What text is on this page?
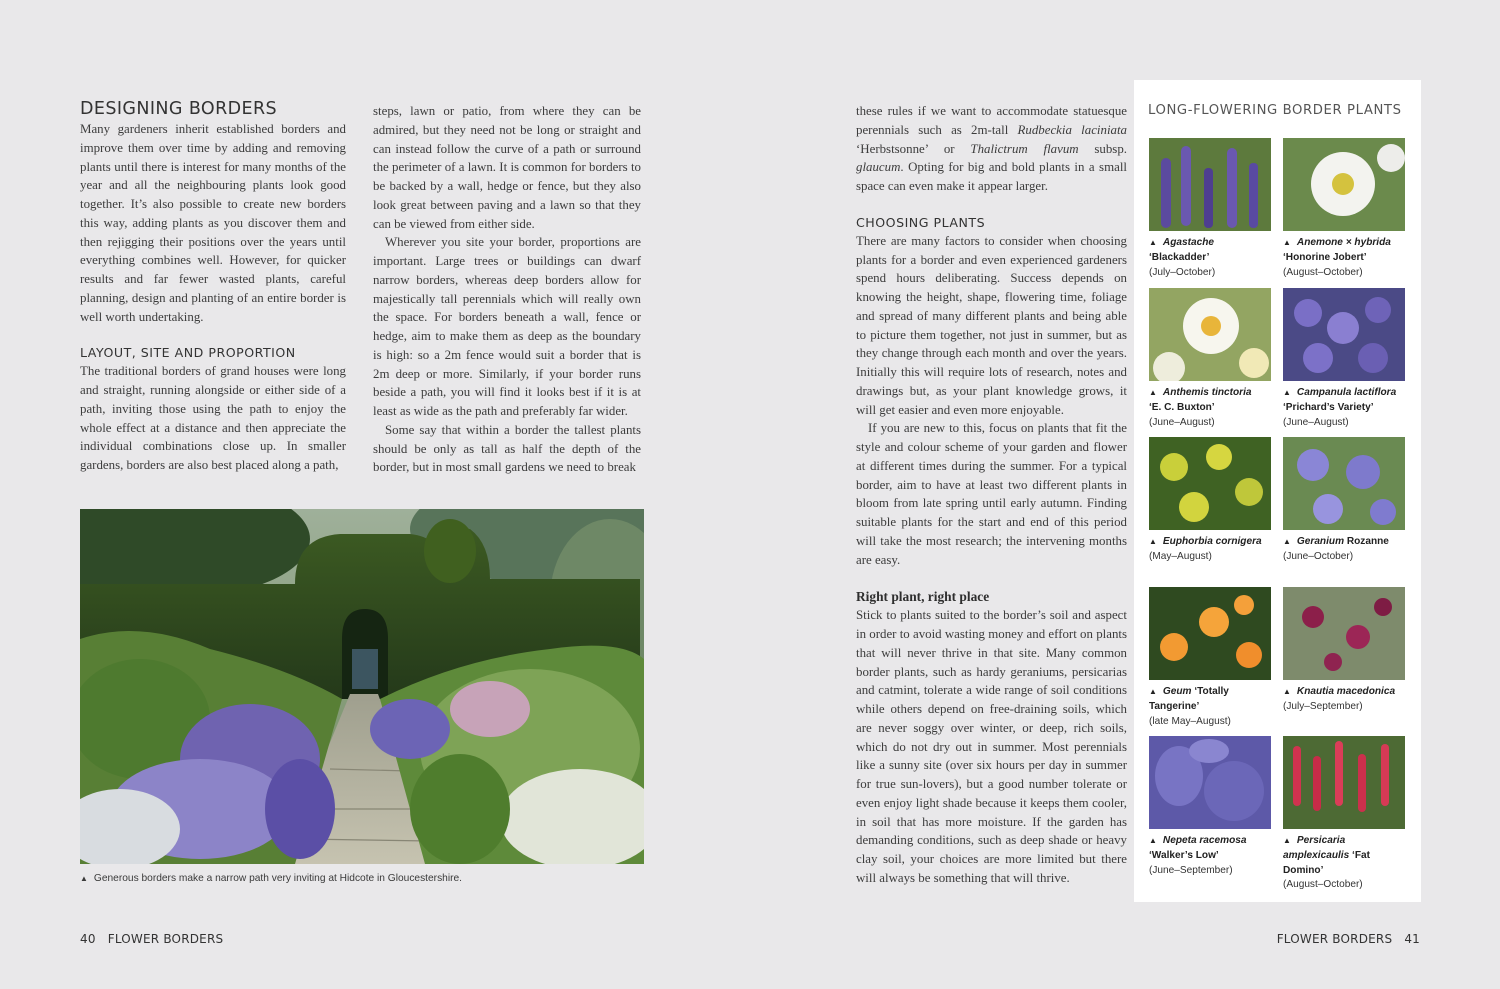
DESIGNING BORDERS

Many gardeners inherit established borders and improve them over time by adding and removing plants until there is interest for many months of the year and all the neighbouring plants look good together. It’s also possible to create new borders this way, adding plants as you discover them and then rejigging their positions over the years until everything combines well. However, for quicker results and far fewer wasted plants, careful planning, design and planting of an entire border is well worth undertaking.

LAYOUT, SITE AND PROPORTION

The traditional borders of grand houses were long and straight, running alongside or either side of a path, inviting those using the path to enjoy the whole effect at a distance and then appreciate the individual combinations close up. In smaller gardens, borders are also best placed along a path,

steps, lawn or patio, from where they can be admired, but they need not be long or straight and can instead follow the curve of a path or surround the perimeter of a lawn. It is common for borders to be backed by a wall, hedge or fence, but they also look great between paving and a lawn so that they can be viewed from either side.

Wherever you site your border, proportions are important. Large trees or buildings can dwarf narrow borders, whereas deep borders allow for majestically tall perennials which will really own the space. For borders beneath a wall, fence or hedge, aim to make them as deep as the boundary is high: so a 2m fence would suit a border that is 2m deep or more. Similarly, if your border runs beside a path, you will find it looks best if it is at least as wide as the path and preferably far wider.

Some say that within a border the tallest plants should be only as tall as half the depth of the border, but in most small gardens we need to break

▲ Generous borders make a narrow path very inviting at Hidcote in Gloucestershire.
40 FLOWER BORDERS

these rules if we want to accommodate statuesque perennials such as 2m-tall Rudbeckia laciniata ‘Herbstsonne’ or Thalictrum flavum subsp. glaucum. Opting for big and bold plants in a small space can even make it appear larger.

CHOOSING PLANTS

There are many factors to consider when choosing plants for a border and even experienced gardeners spend hours deliberating. Success depends on knowing the height, shape, flowering time, foliage and spread of many different plants and being able to picture them together, not just in summer, but as they change through each month and over the years. Initially this will require lots of research, notes and drawings but, as your plant knowledge grows, it will get easier and even more enjoyable.

If you are new to this, focus on plants that fit the style and colour scheme of your garden and flower at different times during the summer. For a typical border, aim to have at least two different plants in bloom from late spring until early autumn. Finding suitable plants for the start and end of this period will take the most research; the intervening months are easy.

Right plant, right place

Stick to plants suited to the border’s soil and aspect in order to avoid wasting money and effort on plants that will never thrive in that site. Many common border plants, such as hardy geraniums, persicarias and catmint, tolerate a wide range of soil conditions while others depend on free-draining soils, which are never soggy over winter, or deep, rich soils, which do not dry out in summer. Most perennials like a sunny site (over six hours per day in summer for true sun-lovers), but a good number tolerate or even enjoy light shade because it keeps them cooler, in soil that has more moisture. If the garden has demanding conditions, such as deep shade or heavy clay soil, your choices are more limited but there will always be something that will thrive.

LONG-FLOWERING BORDER PLANTS
▲ Agastache
‘Blackadder’
(July–October)
▲ Anemone × hybrida
‘Honorine Jobert’
(August–October)
▲ Anthemis tinctoria
‘E. C. Buxton’
(June–August)
▲ Campanula lactiflora
‘Prichard’s Variety’
(June–August)
▲ Euphorbia cornigera
(May–August)
▲ Geranium Rozanne
(June–October)
▲ Geum ‘Totally Tangerine’
(late May–August)
▲ Knautia macedonica
(July–September)
▲ Nepeta racemosa
‘Walker’s Low’
(June–September)
▲ Persicaria amplexicaulis ‘Fat Domino’
(August–October)
FLOWER BORDERS 41
